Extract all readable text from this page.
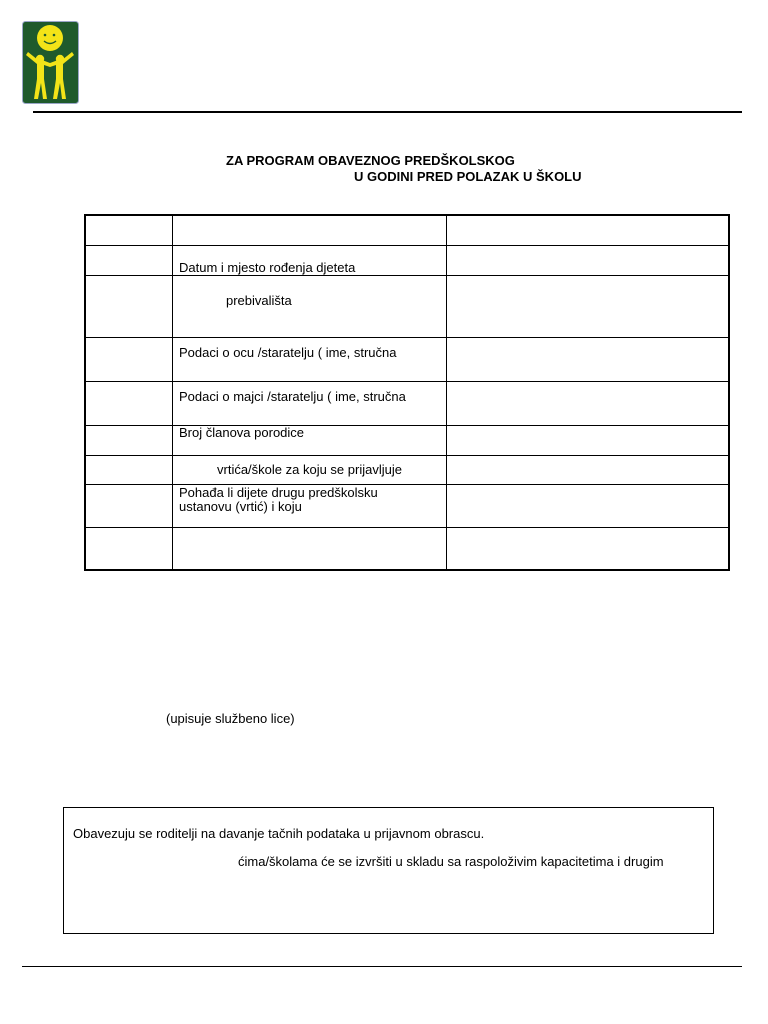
ZA PROGRAM OBAVEZNOG PREDŠKOLSKOG
U GODINI PRED POLAZAK U ŠKOLU
Datum i mjesto rođenja djeteta
prebivališta
Podaci o ocu /staratelju ( ime, stručna
Podaci o majci /staratelju ( ime, stručna
Broj članova porodice
vrtića/škole za koju se prijavljuje
Pohađa li dijete drugu predškolsku
ustanovu (vrtić) i koju
(upisuje službeno lice)
Obavezuju se roditelji na davanje tačnih podataka u prijavnom obrascu.
ćima/školama će se izvršiti u skladu sa raspoloživim kapacitetima i drugim
